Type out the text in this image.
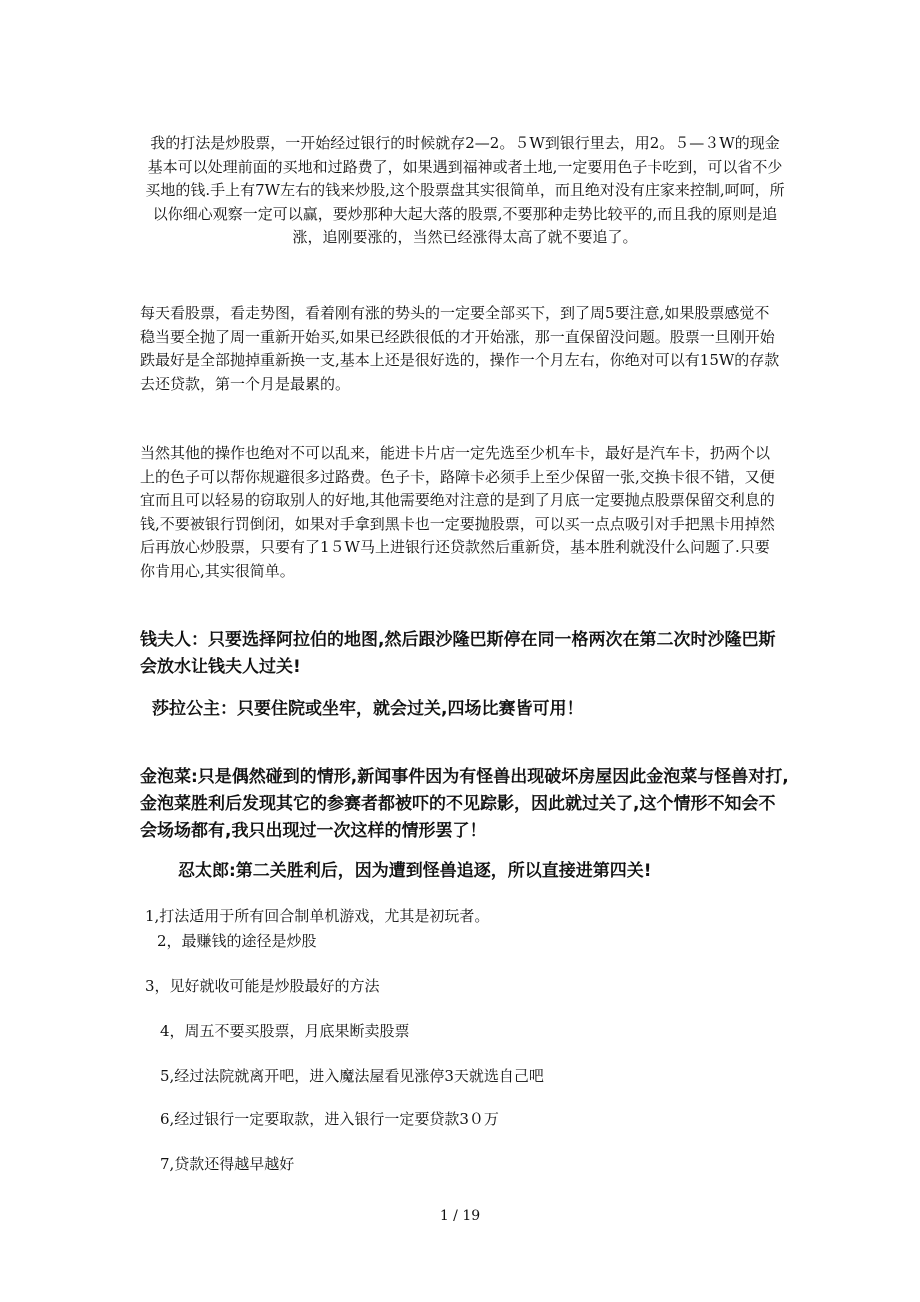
我的打法是炒股票，一开始经过银行的时候就存2—2。５W到银行里去，用2。５—３W的现金基本可以处理前面的买地和过路费了，如果遇到福神或者土地,一定要用色子卡吃到，可以省不少买地的钱.手上有7W左右的钱来炒股,这个股票盘其实很简单，而且绝对没有庄家来控制,呵呵，所以你细心观察一定可以赢，要炒那种大起大落的股票,不要那种走势比较平的,而且我的原则是追涨，追刚要涨的，当然已经涨得太高了就不要追了。

每天看股票，看走势图，看着刚有涨的势头的一定要全部买下，到了周5要注意,如果股票感觉不稳当要全抛了周一重新开始买,如果已经跌很低的才开始涨，那一直保留没问题。股票一旦刚开始跌最好是全部抛掉重新换一支,基本上还是很好选的，操作一个月左右，你绝对可以有15W的存款去还贷款，第一个月是最累的。

当然其他的操作也绝对不可以乱来，能进卡片店一定先选至少机车卡，最好是汽车卡，扔两个以上的色子可以帮你规避很多过路费。色子卡，路障卡必须手上至少保留一张,交换卡很不错，又便宜而且可以轻易的窃取别人的好地,其他需要绝对注意的是到了月底一定要抛点股票保留交利息的钱,不要被银行罚倒闭，如果对手拿到黑卡也一定要抛股票，可以买一点点吸引对手把黑卡用掉然后再放心炒股票，只要有了1５W马上进银行还贷款然后重新贷，基本胜利就没什么问题了.只要你肯用心,其实很简单。

钱夫人：只要选择阿拉伯的地图,然后跟沙隆巴斯停在同一格两次在第二次时沙隆巴斯会放水让钱夫人过关!

莎拉公主：只要住院或坐牢，就会过关,四场比赛皆可用！

金泡菜:只是偶然碰到的情形,新闻事件因为有怪兽出现破坏房屋因此金泡菜与怪兽对打,金泡菜胜利后发现其它的参赛者都被吓的不见踪影，因此就过关了,这个情形不知会不会场场都有,我只出现过一次这样的情形罢了！

忍太郎:第二关胜利后，因为遭到怪兽追逐，所以直接进第四关!

1,打法适用于所有回合制单机游戏，尤其是初玩者。

2，最赚钱的途径是炒股

3，见好就收可能是炒股最好的方法

4，周五不要买股票，月底果断卖股票

5,经过法院就离开吧，进入魔法屋看见涨停3天就选自己吧

6,经过银行一定要取款，进入银行一定要贷款3０万

7,贷款还得越早越好

1 / 19
